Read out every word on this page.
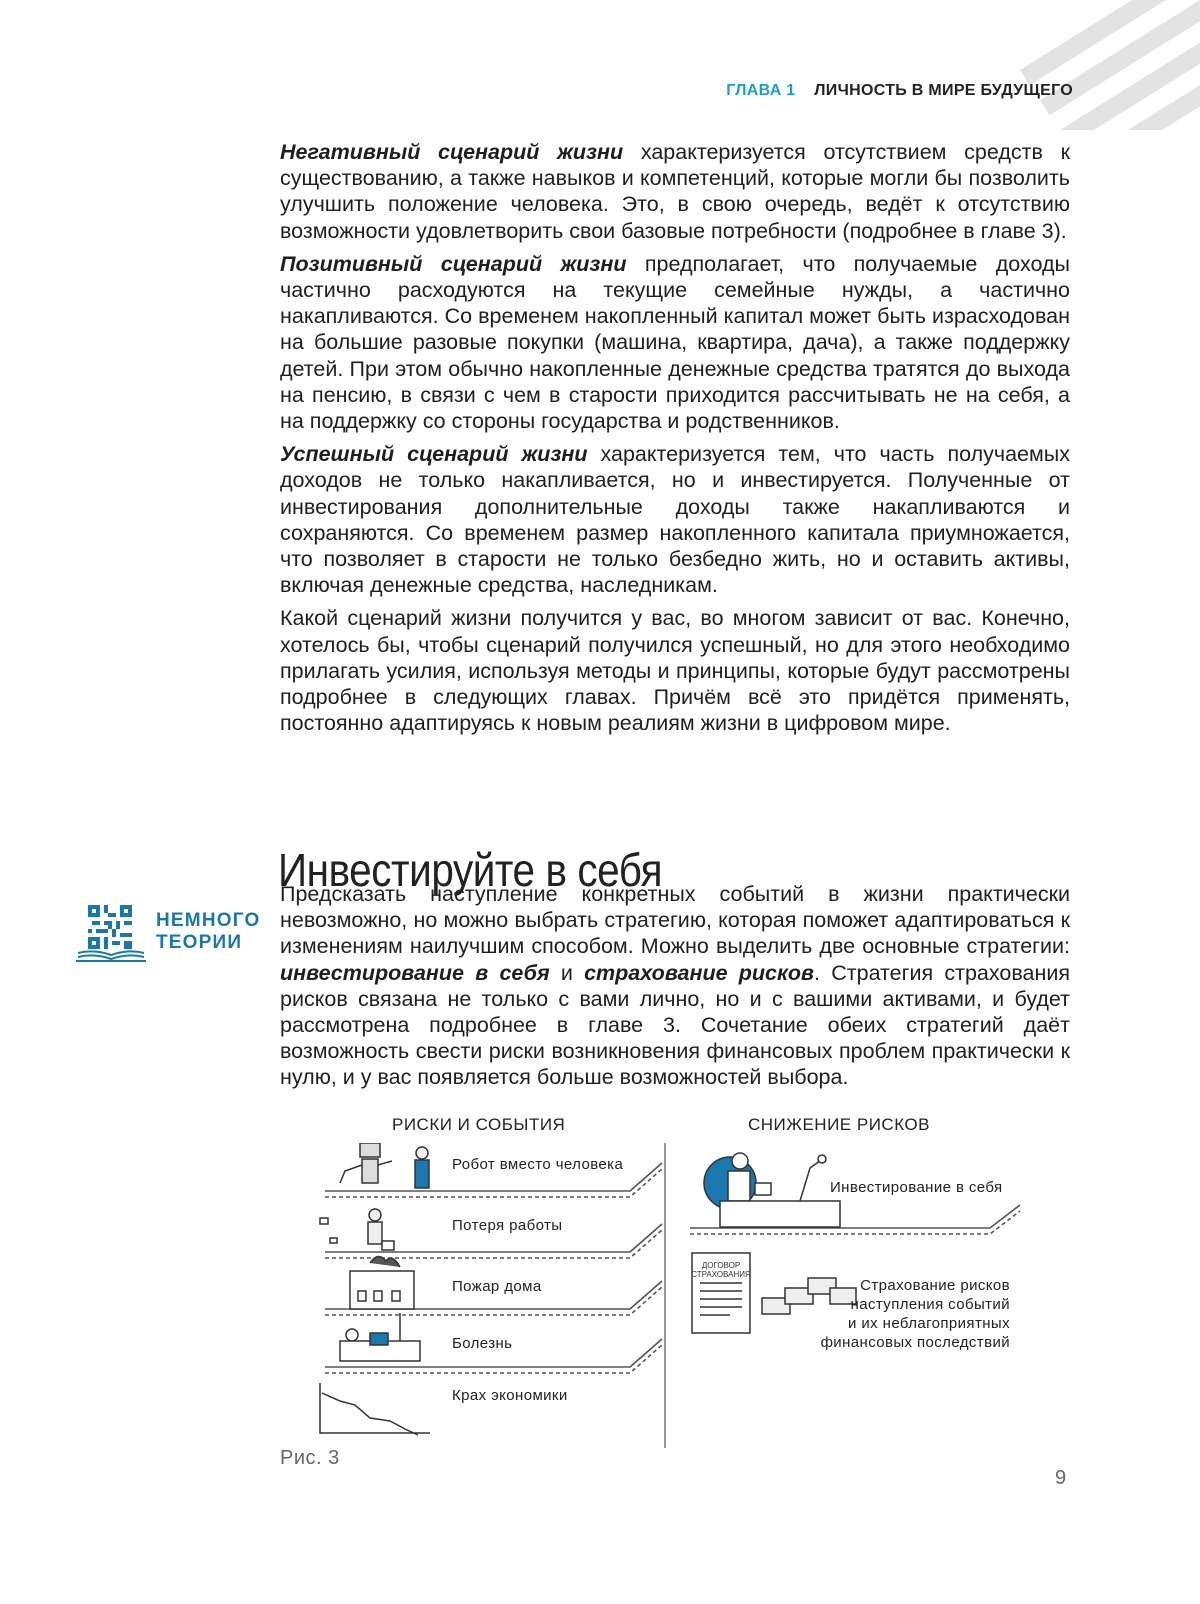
ГЛАВА 1 ЛИЧНОСТЬ В МИРЕ БУДУЩЕГО

Негативный сценарий жизни характеризуется отсутствием средств к существованию, а также навыков и компетенций, которые могли бы позволить улучшить положение человека. Это, в свою очередь, ведёт к отсутствию возможности удовлетворить свои базовые потребности (подробнее в главе 3).

Позитивный сценарий жизни предполагает, что получаемые доходы частично расходуются на текущие семейные нужды, а частично накапливаются. Со временем накопленный капитал может быть израсходован на большие разовые покупки (машина, квартира, дача), а также поддержку детей. При этом обычно накопленные денежные средства тратятся до выхода на пенсию, в связи с чем в старости приходится рассчитывать не на себя, а на поддержку со стороны государства и родственников.

Успешный сценарий жизни характеризуется тем, что часть получаемых доходов не только накапливается, но и инвестируется. Полученные от инвестирования дополнительные доходы также накапливаются и сохраняются. Со временем размер накопленного капитала приумножается, что позволяет в старости не только безбедно жить, но и оставить активы, включая денежные средства, наследникам.

Какой сценарий жизни получится у вас, во многом зависит от вас. Конечно, хотелось бы, чтобы сценарий получился успешный, но для этого необходимо прилагать усилия, используя методы и принципы, которые будут рассмотрены подробнее в следующих главах. Причём всё это придётся применять, постоянно адаптируясь к новым реалиям жизни в цифровом мире.

Инвестируйте в себя
НЕМНОГО
ТЕОРИИ

Предсказать наступление конкретных событий в жизни практически невозможно, но можно выбрать стратегию, которая поможет адаптироваться к изменениям наилучшим способом. Можно выделить две основные стратегии: инвестирование в себя и страхование рисков. Стратегия страхования рисков связана не только с вами лично, но и с вашими активами, и будет рассмотрена подробнее в главе 3. Сочетание обеих стратегий даёт возможность свести риски возникновения финансовых проблем практически к нулю, и у вас появляется больше возможностей выбора.

РИСКИ И СОБЫТИЯ	СНИЖЕНИЕ РИСКОВ
ДОГОВОР
СТРАХОВАНИЯ
Робот вместо человека
Потеря работы
Пожар дома
Болезнь
Крах экономики
Инвестирование в себя
Страхование рисков
наступления событий
и их неблагоприятных
финансовых последствий
Рис. 3
9
